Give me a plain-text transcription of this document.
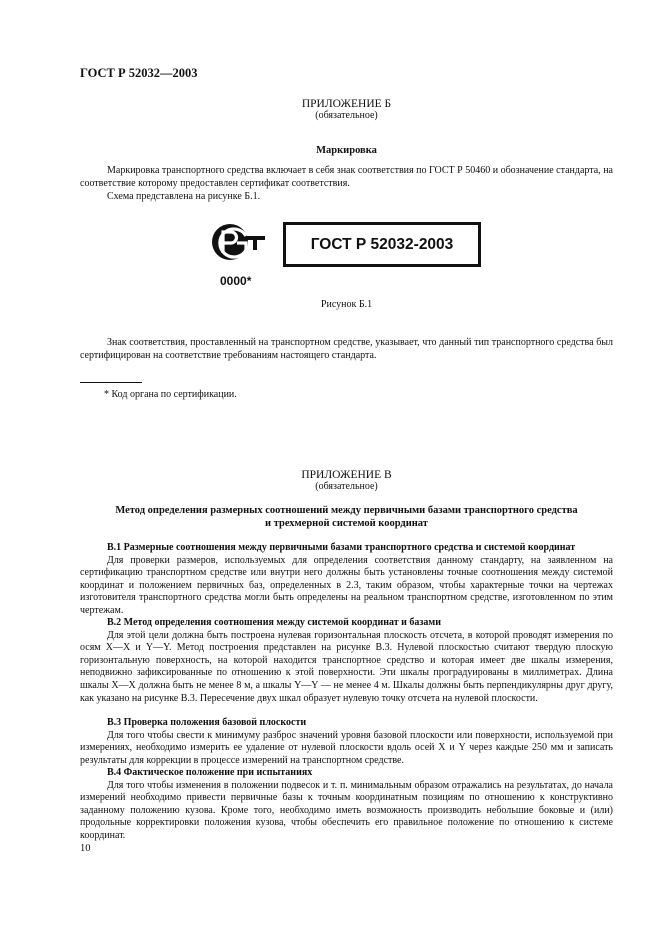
ГОСТ Р 52032—2003
ПРИЛОЖЕНИЕ Б
(обязательное)
Маркировка
Маркировка транспортного средства включает в себя знак соответствия по ГОСТ Р 50460 и обозначение стандарта, на соответствие которому предоставлен сертификат соответствия.
Схема представлена на рисунке Б.1.
0000*
ГОСТ Р 52032-2003
Рисунок Б.1
Знак соответствия, проставленный на транспортном средстве, указывает, что данный тип транспортного средства был сертифицирован на соответствие требованиям настоящего стандарта.
* Код органа по сертификации.
ПРИЛОЖЕНИЕ В
(обязательное)
Метод определения размерных соотношений между первичными базами транспортного средства
и трехмерной системой координат
В.1 Размерные соотношения между первичными базами транспортного средства и системой координат
Для проверки размеров, используемых для определения соответствия данному стандарту, на заявленном на сертификацию транспортном средстве или внутри него должны быть установлены точные соотношения между системой координат и положением первичных баз, определенных в 2.3, таким образом, чтобы характерные точки на чертежах изготовителя транспортного средства могли быть определены на реальном транспортном средстве, изготовленном по этим чертежам.
В.2 Метод определения соотношения между системой координат и базами
Для этой цели должна быть построена нулевая горизонтальная плоскость отсчета, в которой проводят измерения по осям X—X и Y—Y. Метод построения представлен на рисунке В.3. Нулевой плоскостью считают твердую плоскую горизонтальную поверхность, на которой находится транспортное средство и которая имеет две шкалы измерения, неподвижно зафиксированные по отношению к этой поверхности. Эти шкалы проградуированы в миллиметрах. Длина шкалы X—X должна быть не менее 8 м, а шкалы Y—Y — не менее 4 м. Шкалы должны быть перпендикулярны друг другу, как указано на рисунке В.3. Пересечение двух шкал образует нулевую точку отсчета на нулевой плоскости.
В.3 Проверка положения базовой плоскости
Для того чтобы свести к минимуму разброс значений уровня базовой плоскости или поверхности, используемой при измерениях, необходимо измерить ее удаление от нулевой плоскости вдоль осей X и Y через каждые 250 мм и записать результаты для коррекции в процессе измерений на транспортном средстве.
В.4 Фактическое положение при испытаниях
Для того чтобы изменения в положении подвесок и т. п. минимальным образом отражались на результатах, до начала измерений необходимо привести первичные базы к точным координатным позициям по отношению к конструктивно заданному положению кузова. Кроме того, необходимо иметь возможность производить небольшие боковые и (или) продольные корректировки положения кузова, чтобы обеспечить его правильное положение по отношению к системе координат.
10
